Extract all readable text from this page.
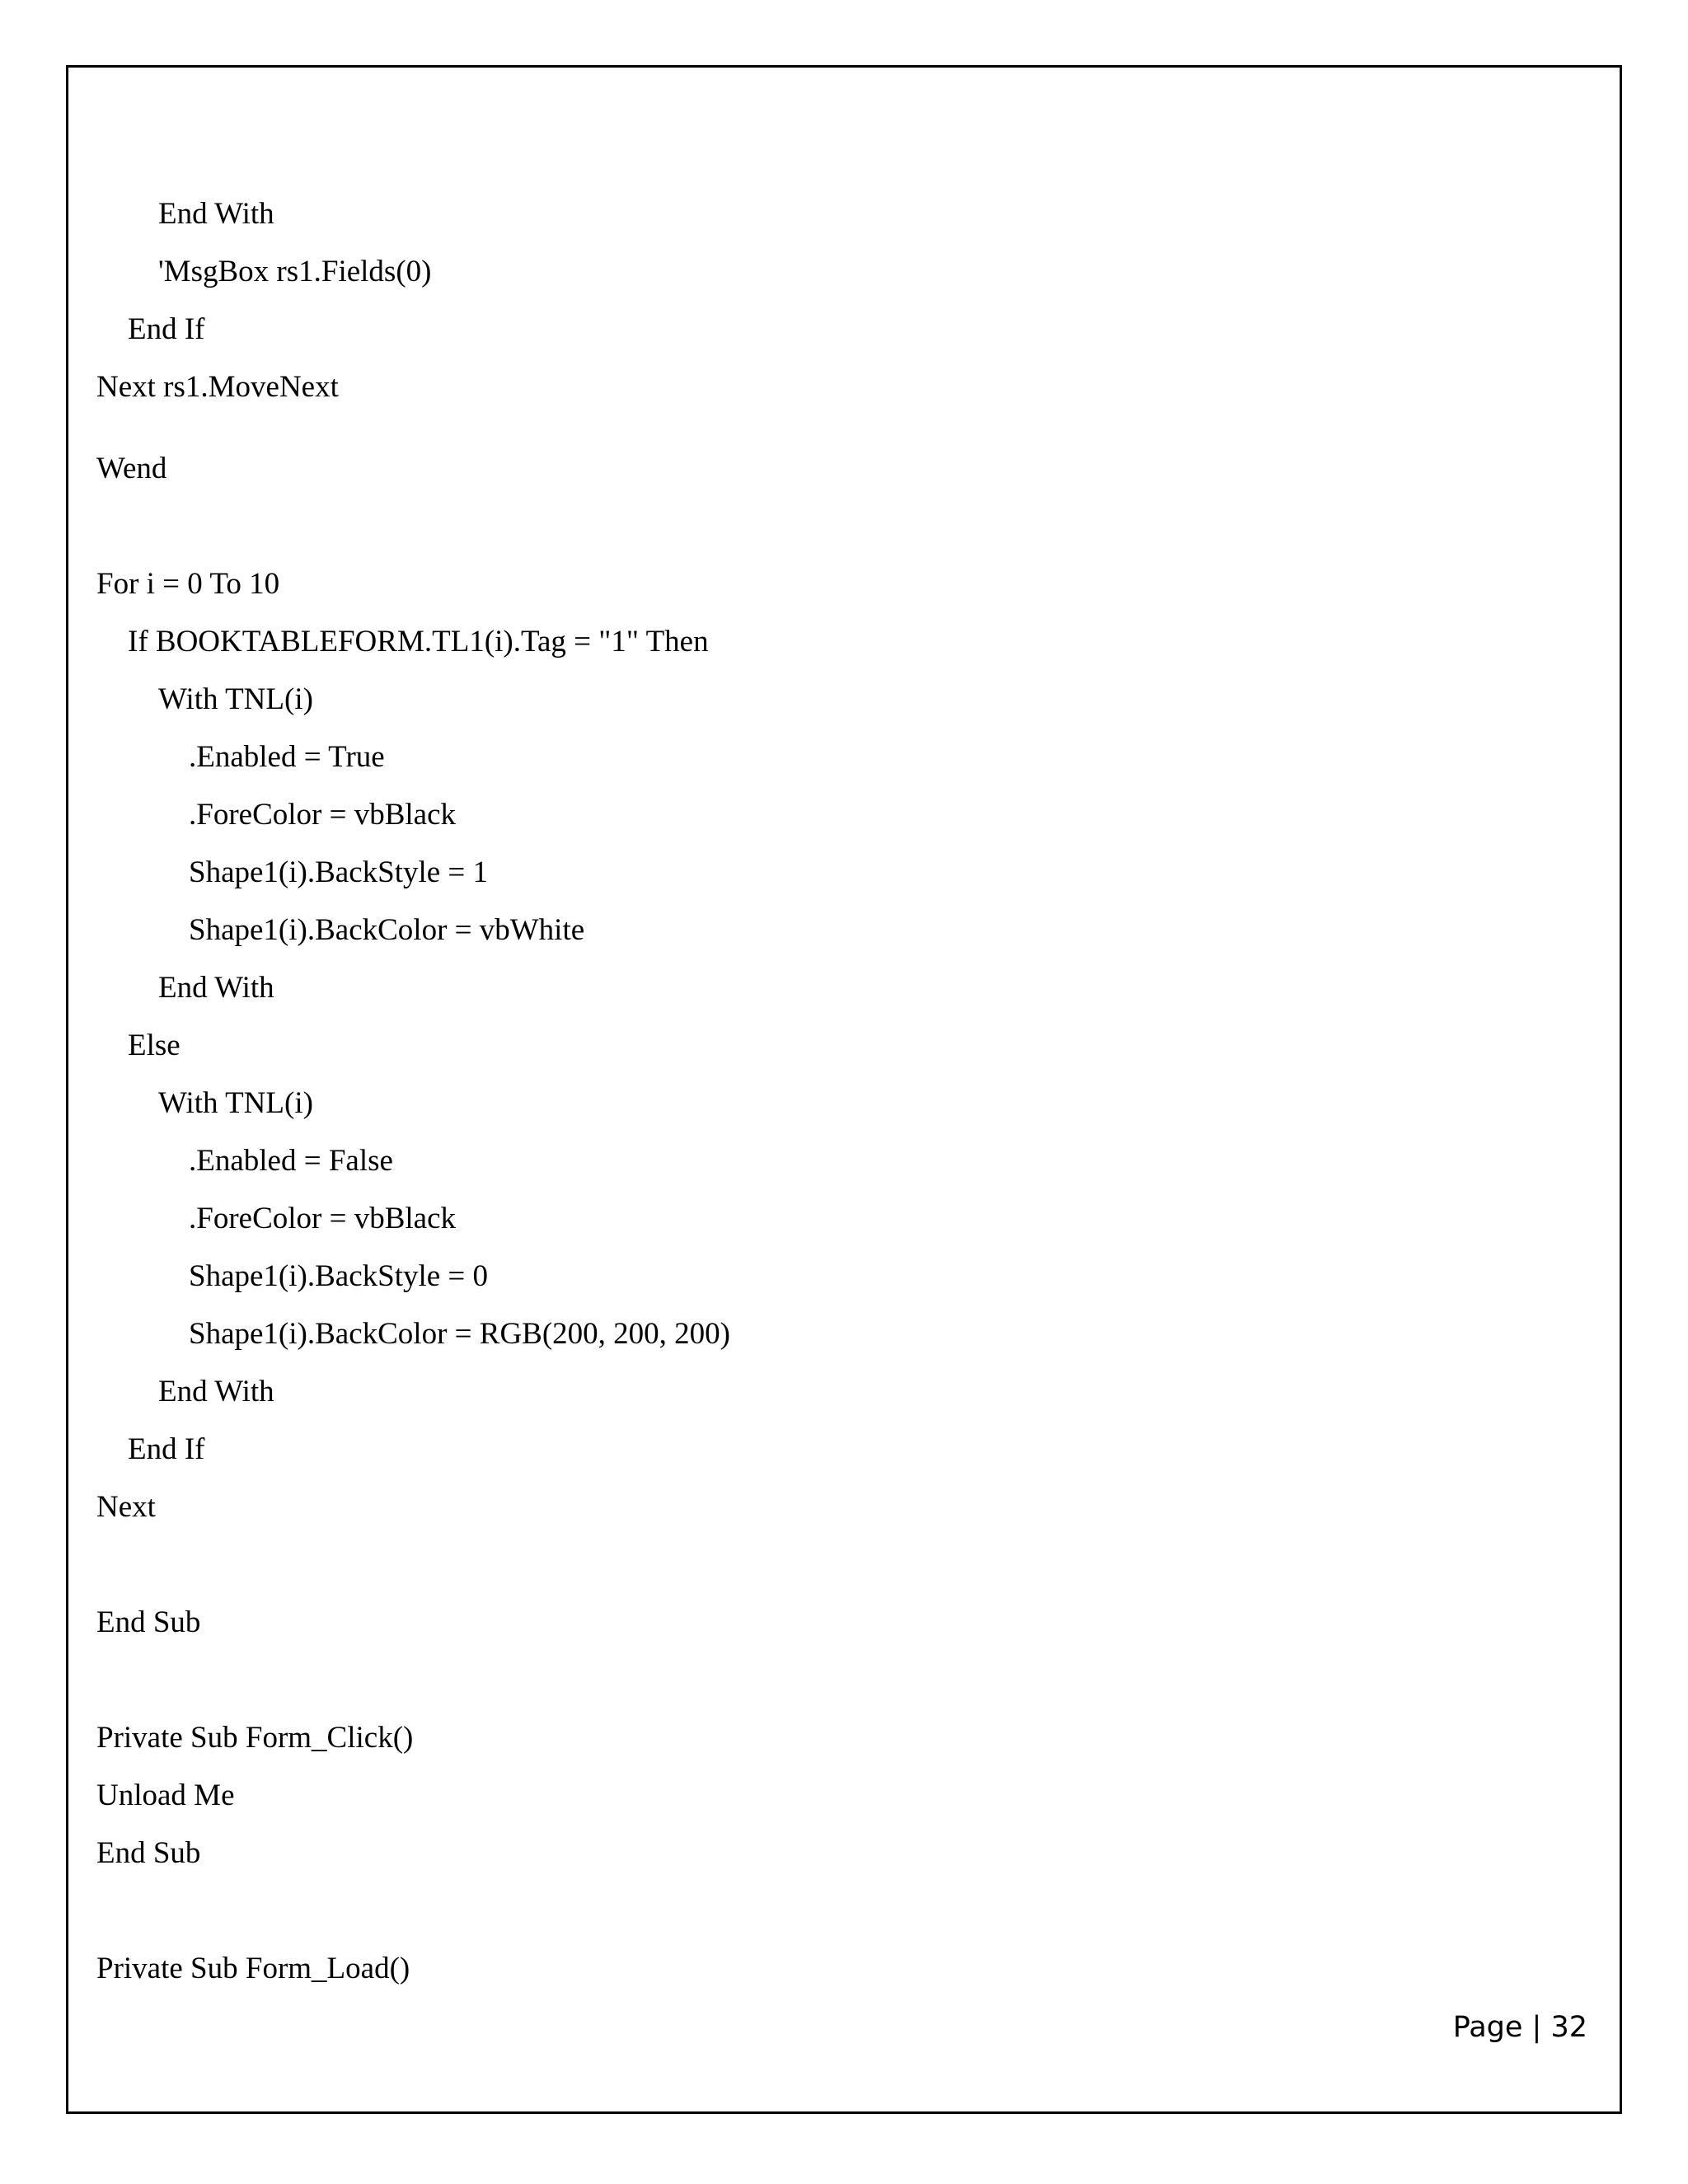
End With
'MsgBox rs1.Fields(0)
End If
Next rs1.MoveNext
Wend
For i = 0 To 10
If BOOKTABLEFORM.TL1(i).Tag = "1" Then
With TNL(i)
.Enabled = True
.ForeColor = vbBlack
Shape1(i).BackStyle = 1
Shape1(i).BackColor = vbWhite
End With
Else
With TNL(i)
.Enabled = False
.ForeColor = vbBlack
Shape1(i).BackStyle = 0
Shape1(i).BackColor = RGB(200, 200, 200)
End With
End If
Next
End Sub
Private Sub Form_Click()
Unload Me
End Sub
Private Sub Form_Load()
Page | 32
